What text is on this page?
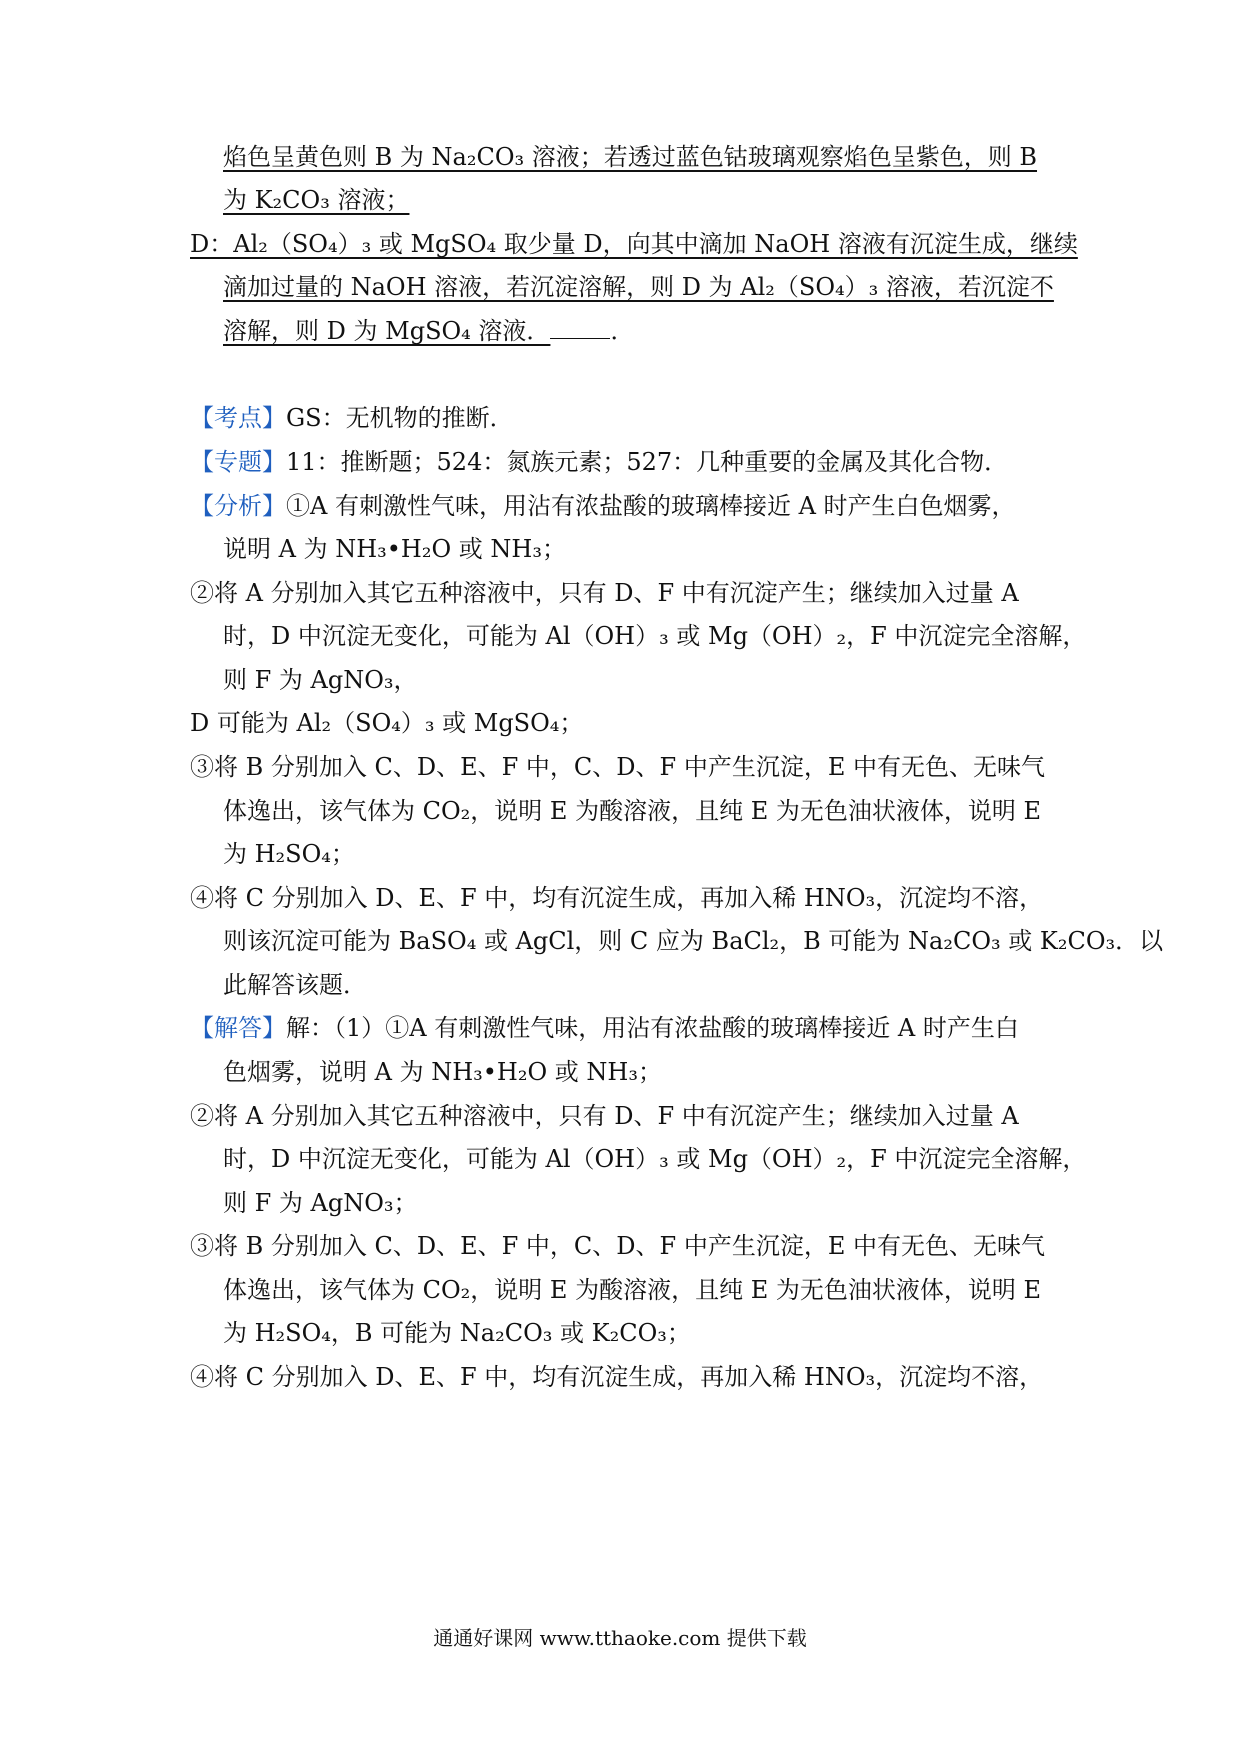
焰色呈黄色则 B 为 Na₂CO₃ 溶液；若透过蓝色钴玻璃观察焰色呈紫色，则 B
为 K₂CO₃ 溶液；
D：Al₂（SO₄）₃ 或 MgSO₄ 取少量 D，向其中滴加 NaOH 溶液有沉淀生成，继续
滴加过量的 NaOH 溶液，若沉淀溶解，则 D 为 Al₂（SO₄）₃ 溶液，若沉淀不
溶解，则 D 为 MgSO₄ 溶液．	．
【考点】GS：无机物的推断．
【专题】11：推断题；524：氮族元素；527：几种重要的金属及其化合物．
【分析】①A 有刺激性气味，用沾有浓盐酸的玻璃棒接近 A 时产生白色烟雾，
说明 A 为 NH₃•H₂O 或 NH₃；
②将 A 分别加入其它五种溶液中，只有 D、F 中有沉淀产生；继续加入过量 A
时，D 中沉淀无变化，可能为 Al（OH）₃ 或 Mg（OH）₂，F 中沉淀完全溶解，
则 F 为 AgNO₃，
D 可能为 Al₂（SO₄）₃ 或 MgSO₄；
③将 B 分别加入 C、D、E、F 中，C、D、F 中产生沉淀，E 中有无色、无味气
体逸出，该气体为 CO₂，说明 E 为酸溶液，且纯 E 为无色油状液体，说明 E
为 H₂SO₄；
④将 C 分别加入 D、E、F 中，均有沉淀生成，再加入稀 HNO₃，沉淀均不溶，
则该沉淀可能为 BaSO₄ 或 AgCl，则 C 应为 BaCl₂，B 可能为 Na₂CO₃ 或 K₂CO₃．以
此解答该题．
【解答】解：（1）①A 有刺激性气味，用沾有浓盐酸的玻璃棒接近 A 时产生白
色烟雾，说明 A 为 NH₃•H₂O 或 NH₃；
②将 A 分别加入其它五种溶液中，只有 D、F 中有沉淀产生；继续加入过量 A
时，D 中沉淀无变化，可能为 Al（OH）₃ 或 Mg（OH）₂，F 中沉淀完全溶解，
则 F 为 AgNO₃；
③将 B 分别加入 C、D、E、F 中，C、D、F 中产生沉淀，E 中有无色、无味气
体逸出，该气体为 CO₂，说明 E 为酸溶液，且纯 E 为无色油状液体，说明 E
为 H₂SO₄，B 可能为 Na₂CO₃ 或 K₂CO₃；
④将 C 分别加入 D、E、F 中，均有沉淀生成，再加入稀 HNO₃，沉淀均不溶，
通通好课网 www.tthaoke.com 提供下载
